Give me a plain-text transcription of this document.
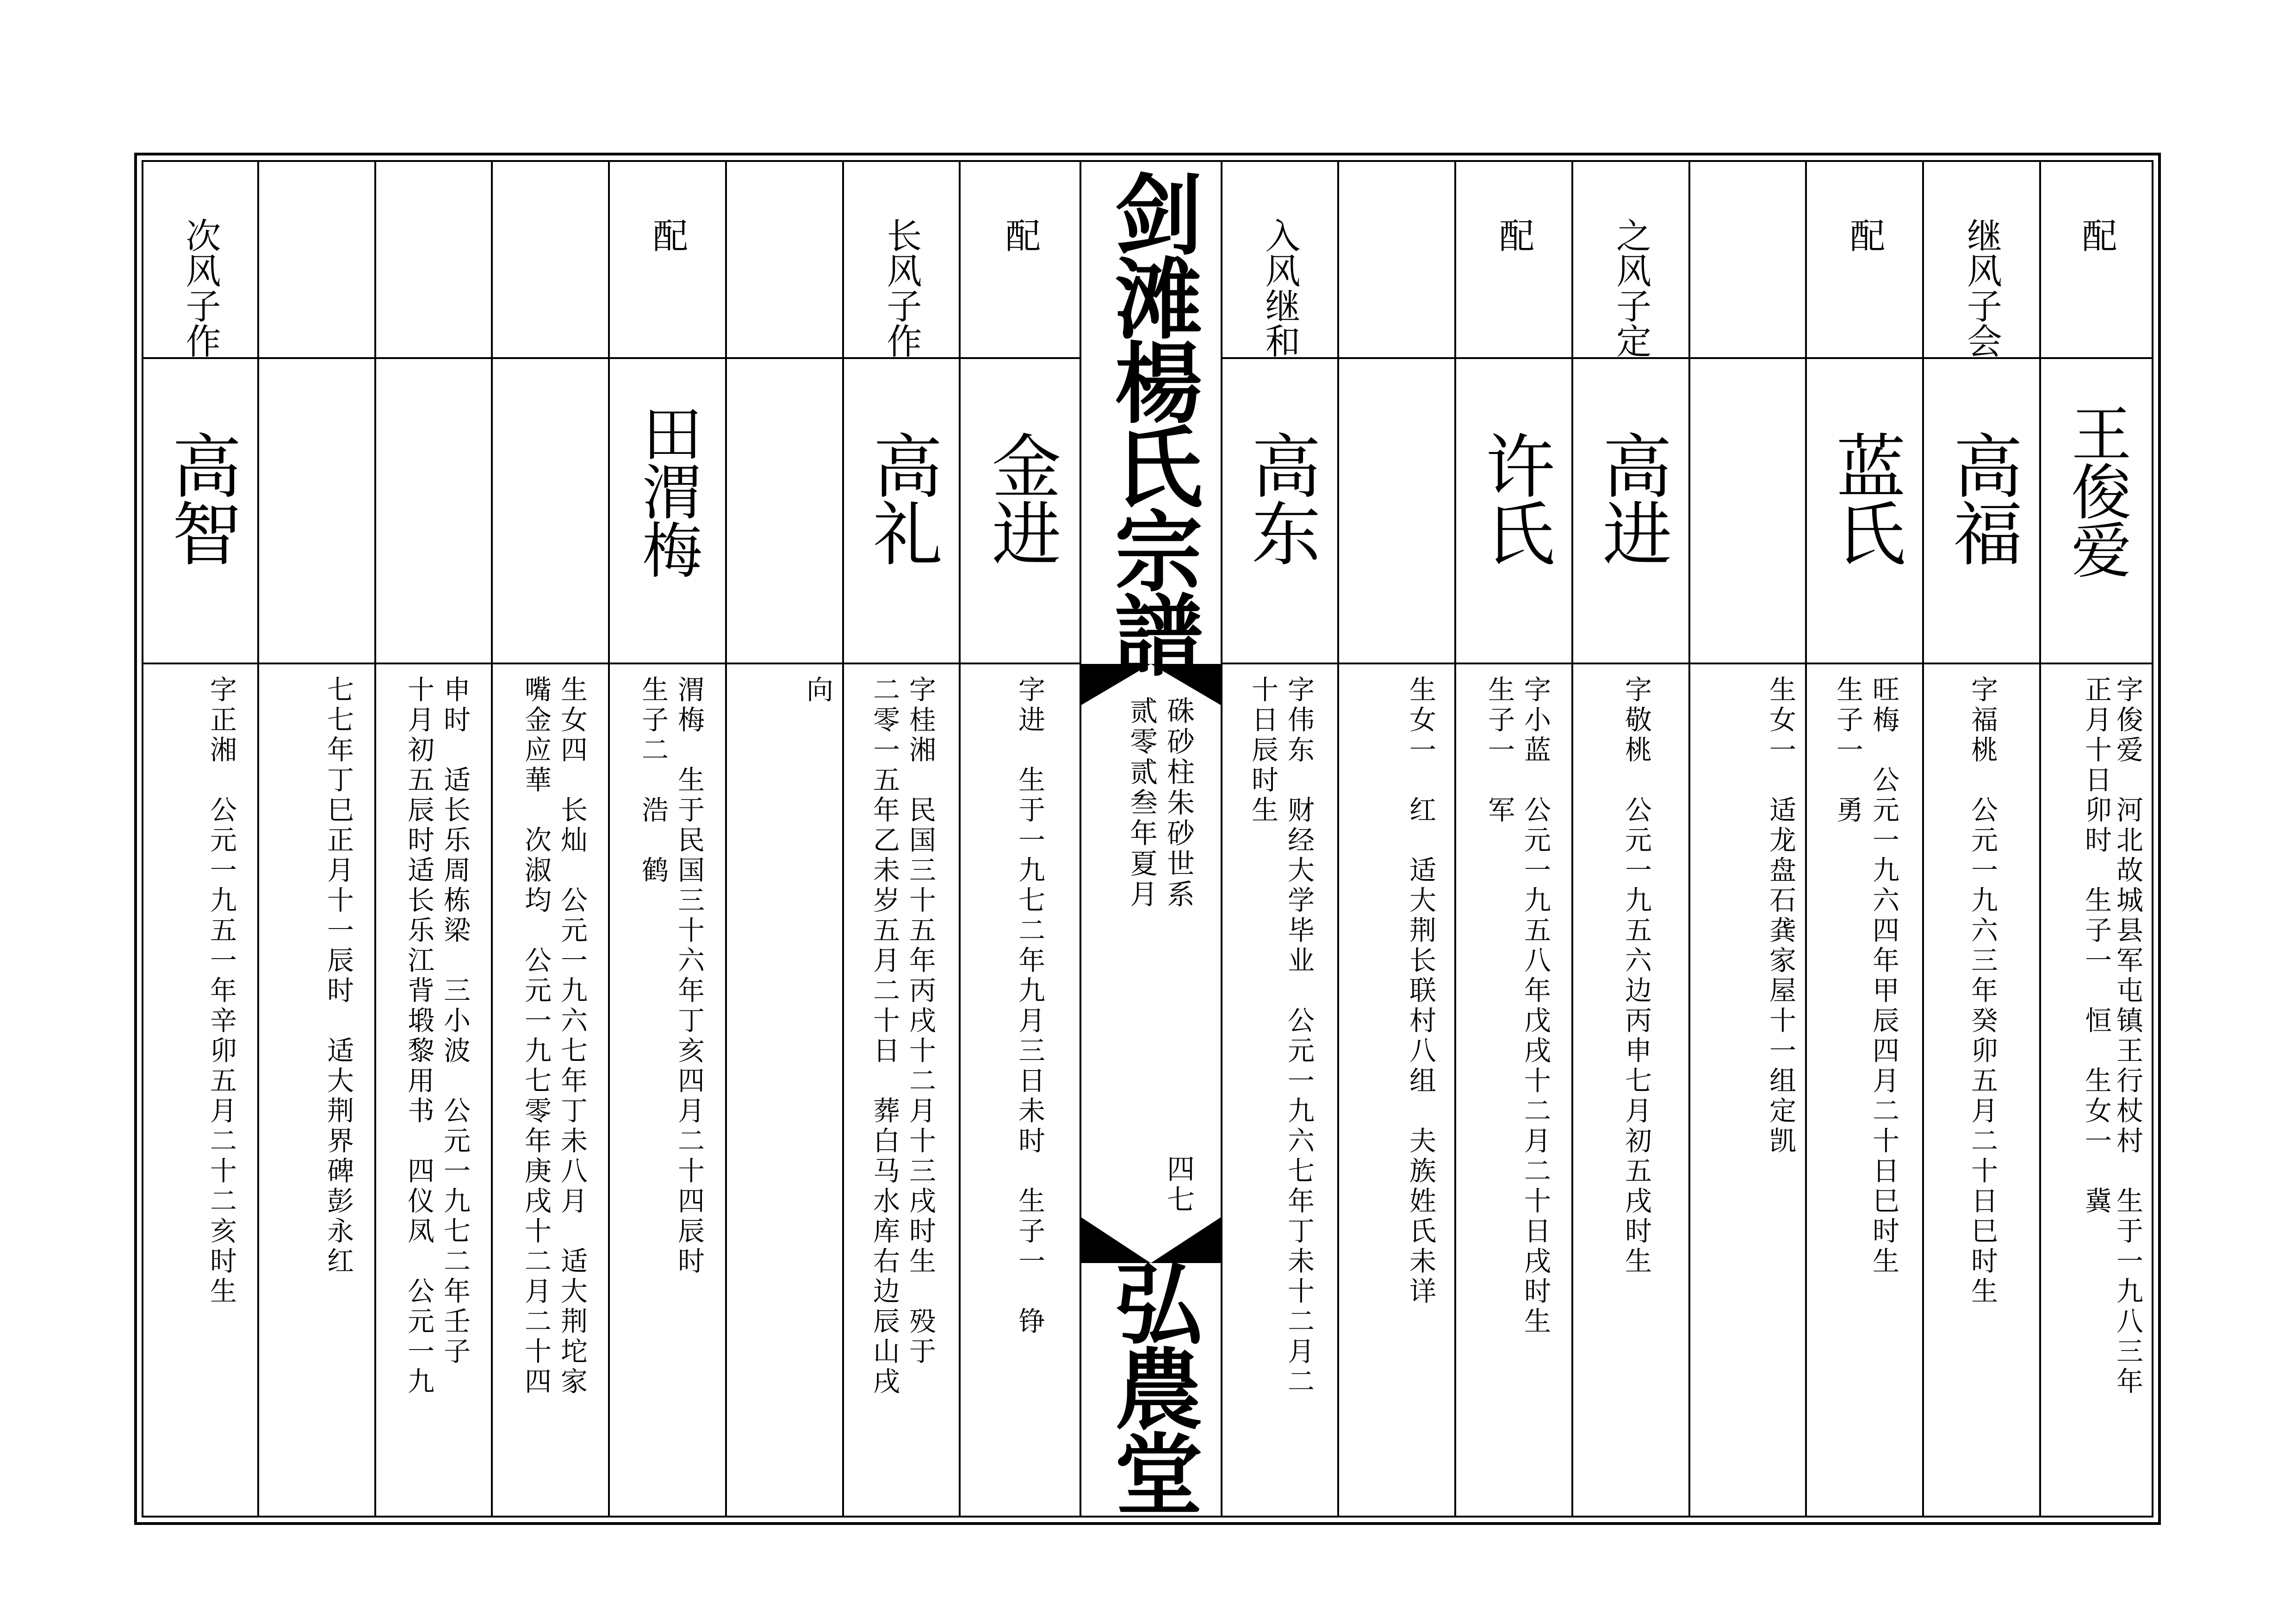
配
王俊爱
字俊爱　河北故城县军屯镇王行杖村　生于一九八三年
正月十日卯时　生子一　恒　生女一　冀
继风子会
高福
字福桃　公元一九六三年癸卯五月二十日巳时生
配
蓝氏
旺梅　公元一九六四年甲辰四月二十日巳时生
生子一　勇
生女一　适龙盘石龚家屋十一组定凯
之风子定
高进
字敬桃　公元一九五六边丙申七月初五戌时生
配
许氏
字小蓝　公元一九五八年戊戌十二月二十日戌时生
生子一　军
生女一　红　适大荆长联村八组　夫族姓氏未详
入风继和
高东
字伟东　财经大学毕业　公元一九六七年丁未十二月二
十日辰时生
剑滩楊氏宗譜
硃砂柱朱砂世系
贰零贰叁年夏月
四七
弘農堂
配
金进
字进　生于一九七二年九月三日未时　生子一　铮
长风子作
高礼
字桂湘　民国三十五年丙戌十二月十三戌时生　殁于
二零一五年乙未岁五月二十日　葬白马水库右边辰山戌
向
配
田渭梅
渭梅　生于民国三十六年丁亥四月二十四辰时
生子二　浩　鹤
生女四　长灿　公元一九六七年丁未八月　适大荆坨家
嘴金应華　次淑均　公元一九七零年庚戌十二月二十四
申时　适长乐周栋梁　三小波　公元一九七二年壬子
十月初五辰时适长乐江背塅黎用书　四仪凤　公元一九
七七年丁巳正月十一辰时　适大荆界碑彭永红
次风子作
高智
字正湘　公元一九五一年辛卯五月二十二亥时生
